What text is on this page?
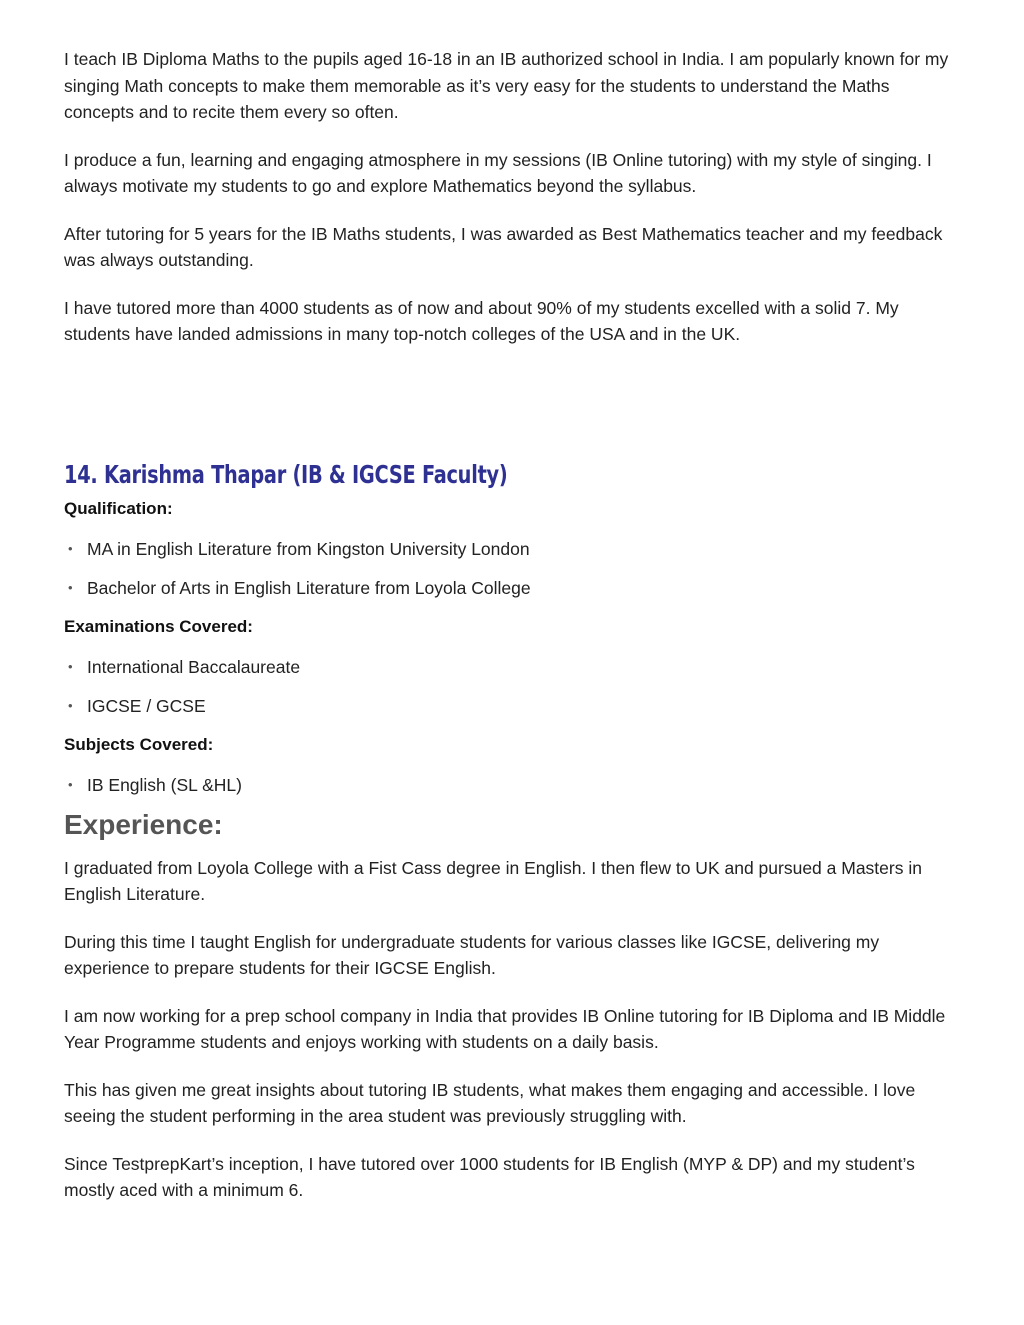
I teach IB Diploma Maths to the pupils aged 16-18 in an IB authorized school in India. I am popularly known for my singing Math concepts to make them memorable as it’s very easy for the students to understand the Maths concepts and to recite them every so often.

I produce a fun, learning and engaging atmosphere in my sessions (IB Online tutoring) with my style of singing. I always motivate my students to go and explore Mathematics beyond the syllabus.

After tutoring for 5 years for the IB Maths students, I was awarded as Best Mathematics teacher and my feedback was always outstanding.

I have tutored more than 4000 students as of now and about 90% of my students excelled with a solid 7. My students have landed admissions in many top-notch colleges of the USA and in the UK.

14. Karishma Thapar (IB & IGCSE Faculty)
Qualification:
• MA in English Literature from Kingston University London
• Bachelor of Arts in English Literature from Loyola College
Examinations Covered:
• International Baccalaureate
• IGCSE / GCSE
Subjects Covered:
• IB English (SL &HL)
Experience:

I graduated from Loyola College with a Fist Cass degree in English. I then flew to UK and pursued a Masters in English Literature.

During this time I taught English for undergraduate students for various classes like IGCSE, delivering my experience to prepare students for their IGCSE English.

I am now working for a prep school company in India that provides IB Online tutoring for IB Diploma and IB Middle Year Programme students and enjoys working with students on a daily basis.

This has given me great insights about tutoring IB students, what makes them engaging and accessible. I love seeing the student performing in the area student was previously struggling with.

Since TestprepKart’s inception, I have tutored over 1000 students for IB English (MYP & DP) and my student’s mostly aced with a minimum 6.
